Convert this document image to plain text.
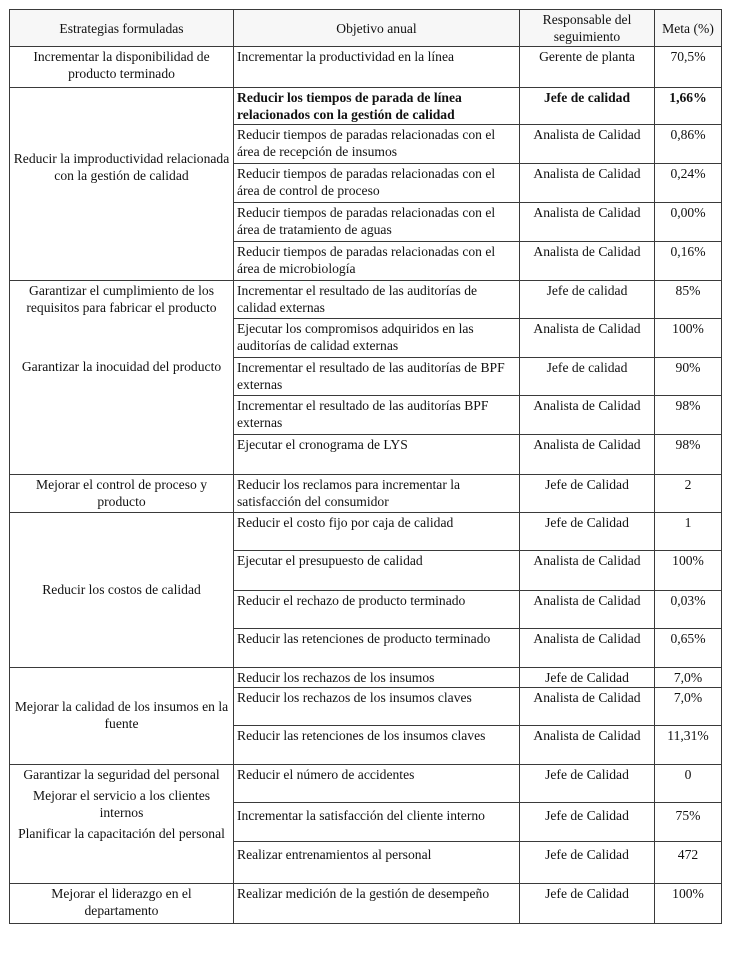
Estrategias formuladas	Objetivo anual	Responsable del seguimiento	Meta (%)
Incrementar la disponibilidad de producto terminado	Incrementar la productividad en la línea	Gerente de planta	70,5%
Reducir la improductividad relacionada con la gestión de calidad	Reducir los tiempos de parada de línea relacionados con la gestión de calidad	Jefe de calidad	1,66%
	Reducir tiempos de paradas relacionadas con el área de recepción de insumos	Analista de Calidad	0,86%
	Reducir tiempos de paradas relacionadas con el área de control de proceso	Analista de Calidad	0,24%
	Reducir tiempos de paradas relacionadas con el área de tratamiento de aguas	Analista de Calidad	0,00%
	Reducir tiempos de paradas relacionadas con el área de microbiología	Analista de Calidad	0,16%

Garantizar el cumplimiento de los requisitos para fabricar el producto
Garantizar la inocuidad del producto	Incrementar el resultado de las auditorías de calidad externas	Jefe de calidad	85%
	Ejecutar los compromisos adquiridos en las auditorías de calidad externas	Analista de Calidad	100%
	Incrementar el resultado de las auditorías de BPF externas	Jefe de calidad	90%
	Incrementar el resultado de las auditorías BPF externas	Analista de Calidad	98%
	Ejecutar el cronograma de LYS	Analista de Calidad	98%
Mejorar el control de proceso y producto	Reducir los reclamos para incrementar la satisfacción del consumidor	Jefe de Calidad	2
Reducir los costos de calidad	Reducir el costo fijo por caja de calidad	Jefe de Calidad	1
	Ejecutar el presupuesto de calidad	Analista de Calidad	100%
	Reducir el rechazo de producto terminado	Analista de Calidad	0,03%
	Reducir las retenciones de producto terminado	Analista de Calidad	0,65%
Mejorar la calidad de los insumos en la fuente	Reducir los rechazos de los insumos	Jefe de Calidad	7,0%
	Reducir los rechazos de los insumos claves	Analista de Calidad	7,0%
	Reducir las retenciones de los insumos claves	Analista de Calidad	11,31%

Garantizar la seguridad del personal
Mejorar el servicio a los clientes internos
Planificar la capacitación del personal	Reducir el número de accidentes	Jefe de Calidad	0
	Incrementar la satisfacción del cliente interno	Jefe de Calidad	75%
	Realizar entrenamientos al personal	Jefe de Calidad	472
Mejorar el liderazgo en el departamento	Realizar medición de la gestión de desempeño	Jefe de Calidad	100%
